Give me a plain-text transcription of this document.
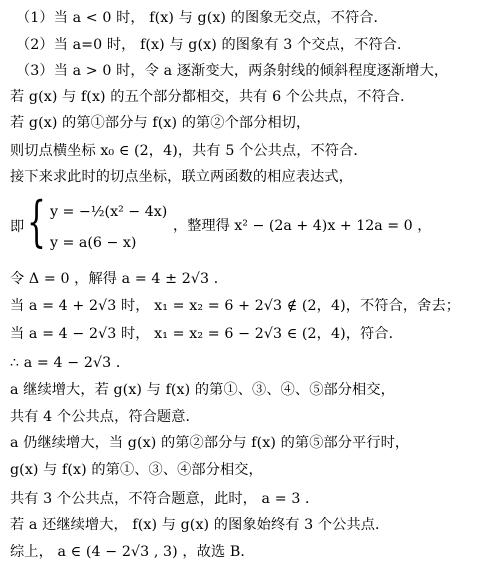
（1）当 a < 0 时， f(x) 与 g(x) 的图象无交点，不符合．
（2）当 a=0 时， f(x) 与 g(x) 的图象有 3 个交点，不符合．
（3）当 a > 0 时，令 a 逐渐变大，两条射线的倾斜程度逐渐增大，
若 g(x) 与 f(x) 的五个部分都相交，共有 6 个公共点，不符合．
若 g(x) 的第①部分与 f(x) 的第②个部分相切，
则切点横坐标 x₀ ∈ (2，4)，共有 5 个公共点，不符合．
接下来求此时的切点坐标，联立两函数的相应表达式，
即 { y = −½(x² − 4x)
y = a(6 − x)
，整理得 x² − (2a + 4)x + 12a = 0 ，
令 Δ = 0 ，解得 a = 4 ± 2√3 ．
当 a = 4 + 2√3 时， x₁ = x₂ = 6 + 2√3 ∉ (2，4)，不符合，舍去；
当 a = 4 − 2√3 时， x₁ = x₂ = 6 − 2√3 ∈ (2，4)，符合．
∴ a = 4 − 2√3 ．
a 继续增大，若 g(x) 与 f(x) 的第①、③、④、⑤部分相交，
共有 4 个公共点，符合题意．
a 仍继续增大，当 g(x) 的第②部分与 f(x) 的第⑤部分平行时，
g(x) 与 f(x) 的第①、③、④部分相交，
共有 3 个公共点，不符合题意，此时， a = 3 ．
若 a 还继续增大， f(x) 与 g(x) 的图象始终有 3 个公共点．
综上， a ∈ (4 − 2√3 , 3) ，故选 B．
